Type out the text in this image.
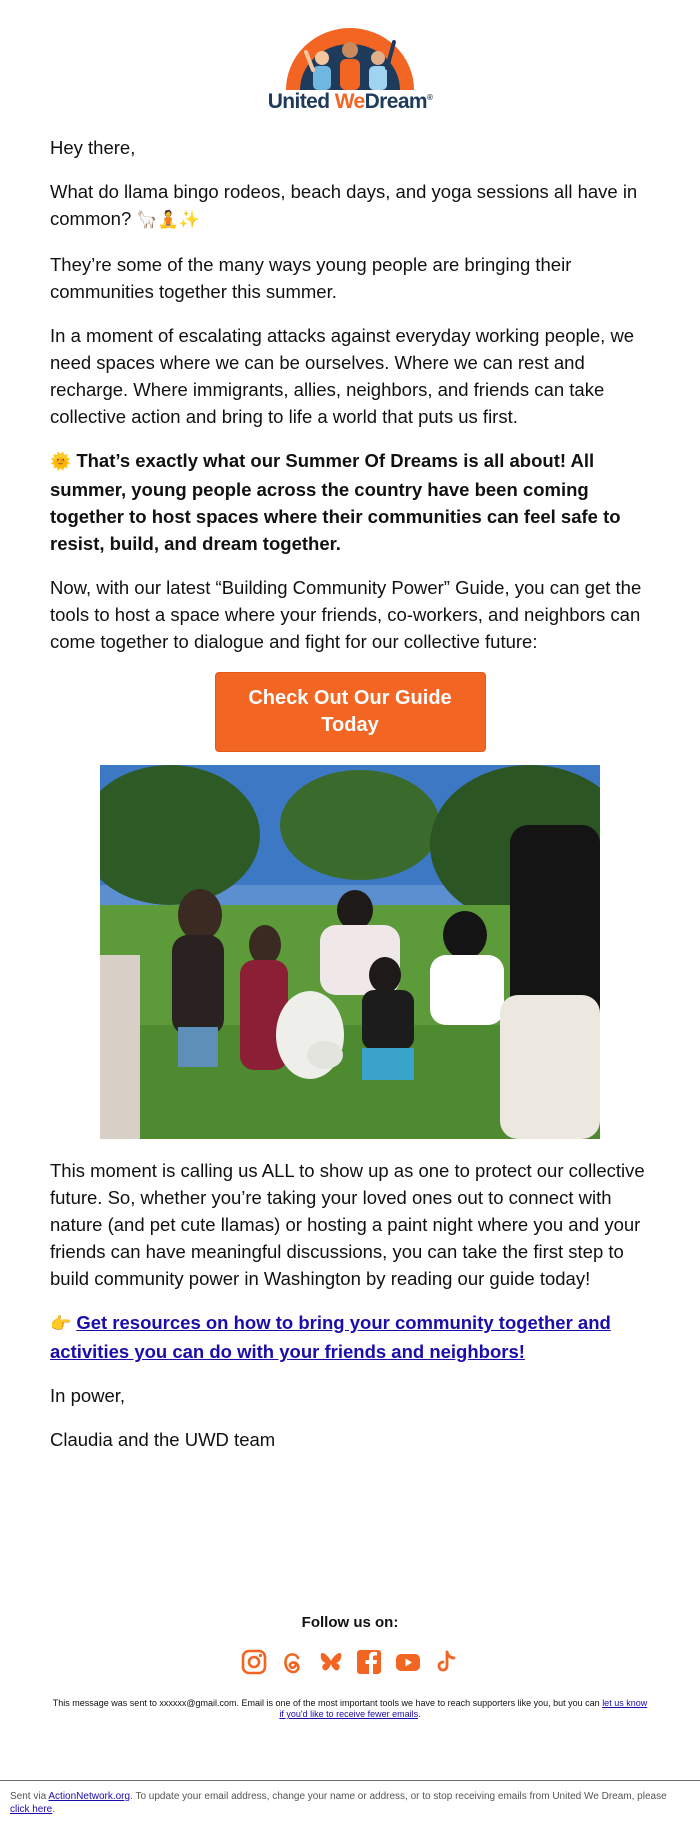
United WeDream®

Hey there,

What do llama bingo rodeos, beach days, and yoga sessions all have in common? 🦙🧘✨

They’re some of the many ways young people are bringing their communities together this summer.

In a moment of escalating attacks against everyday working people, we need spaces where we can be ourselves. Where we can rest and recharge. Where immigrants, allies, neighbors, and friends can take collective action and bring to life a world that puts us first.

🌞 That’s exactly what our Summer Of Dreams is all about! All summer, young people across the country have been coming together to host spaces where their communities can feel safe to resist, build, and dream together.

Now, with our latest “Building Community Power” Guide, you can get the tools to host a space where your friends, co-workers, and neighbors can come together to dialogue and fight for our collective future:

Check Out Our Guide Today

This moment is calling us ALL to show up as one to protect our collective future. So, whether you’re taking your loved ones out to connect with nature (and pet cute llamas) or hosting a paint night where you and your friends can have meaningful discussions, you can take the first step to build community power in Washington by reading our guide today!

👉 Get resources on how to bring your community together and activities you can do with your friends and neighbors!

In power,

Claudia and the UWD team

Follow us on:

This message was sent to xxxxxx@gmail.com. Email is one of the most important tools we have to reach supporters like you, but you can let us know if you'd like to receive fewer emails.
Sent via ActionNetwork.org. To update your email address, change your name or address, or to stop receiving emails from United We Dream, please click here.
